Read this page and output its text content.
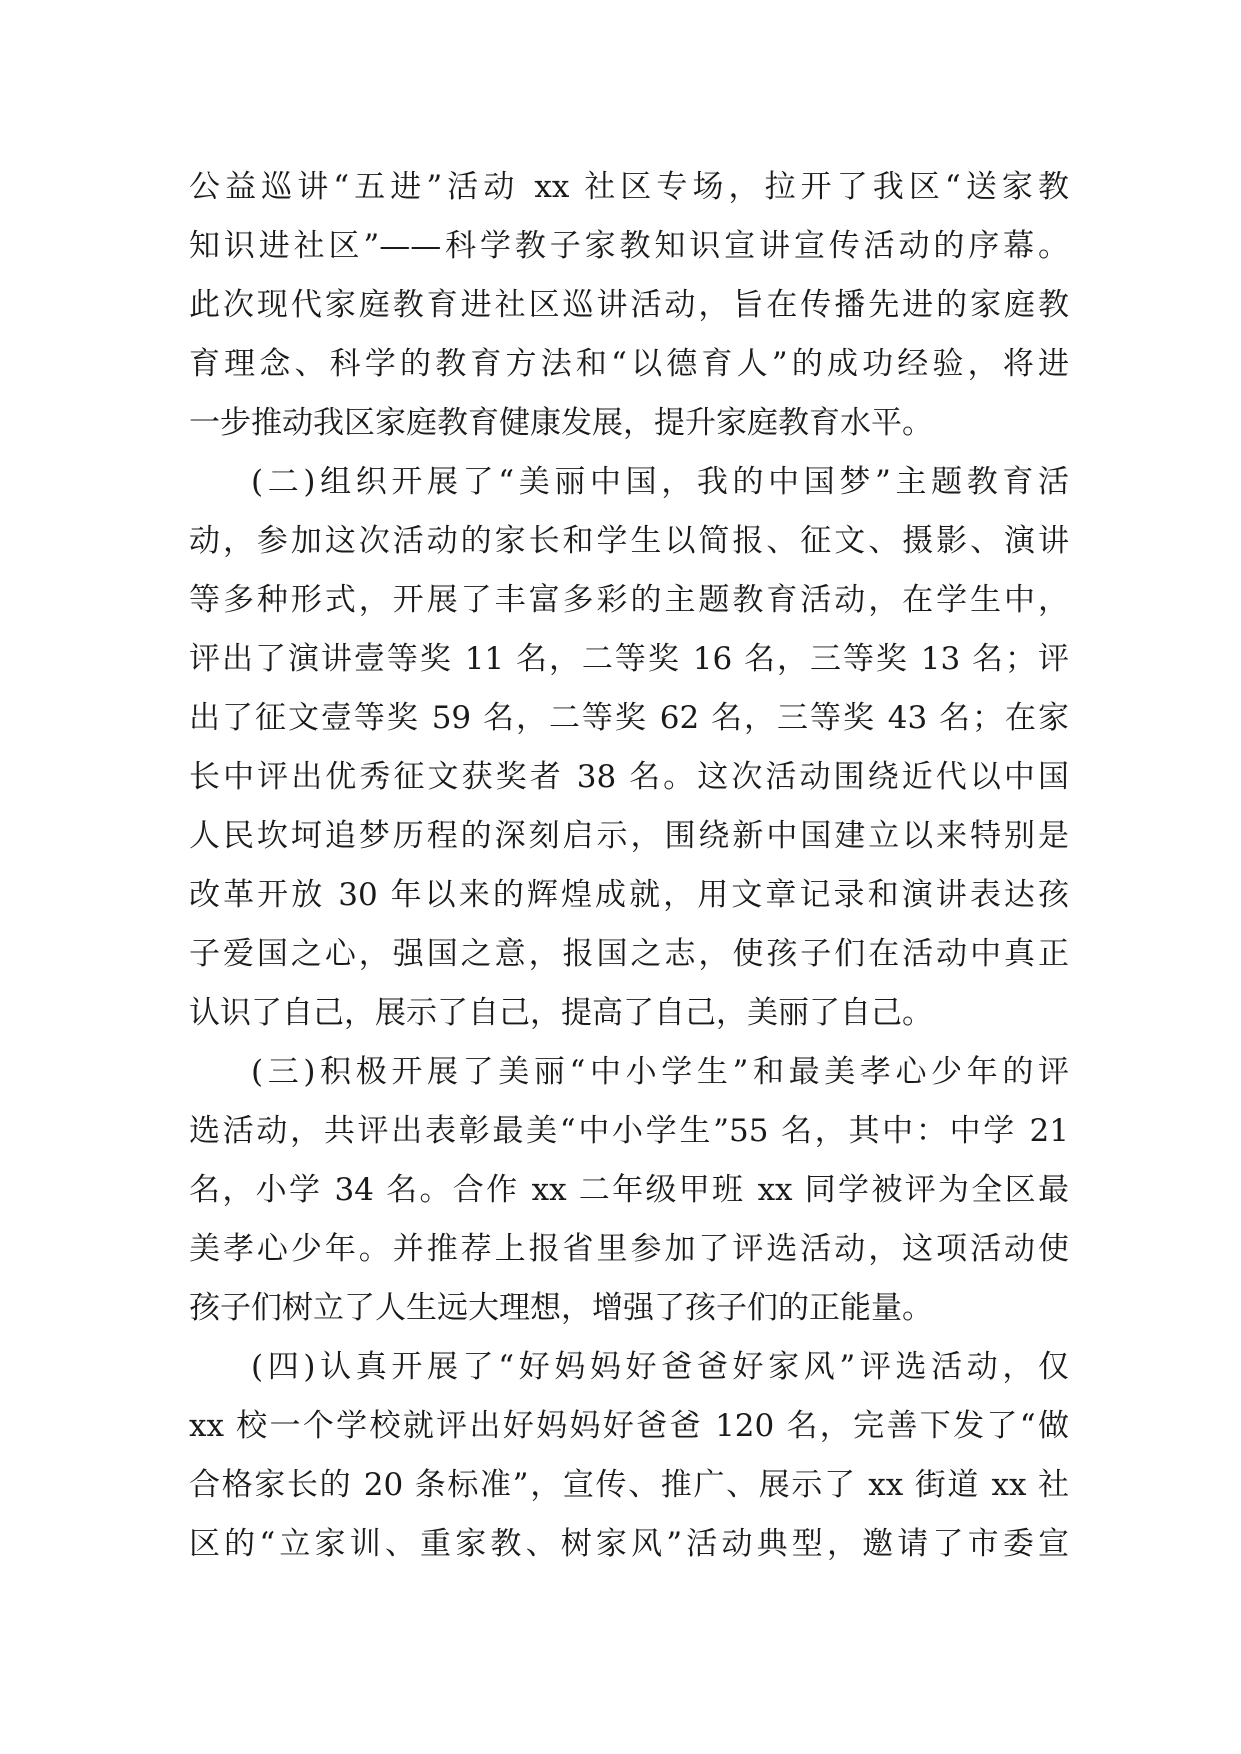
公益巡讲“五进”活动 xx 社区专场，拉开了我区“送家教
知识进社区”——科学教子家教知识宣讲宣传活动的序幕。
此次现代家庭教育进社区巡讲活动，旨在传播先进的家庭教
育理念、科学的教育方法和“以德育人”的成功经验，将进
一步推动我区家庭教育健康发展，提升家庭教育水平。
(二)组织开展了“美丽中国，我的中国梦”主题教育活
动，参加这次活动的家长和学生以简报、征文、摄影、演讲
等多种形式，开展了丰富多彩的主题教育活动，在学生中，
评出了演讲壹等奖 11 名，二等奖 16 名，三等奖 13 名；评
出了征文壹等奖 59 名，二等奖 62 名，三等奖 43 名；在家
长中评出优秀征文获奖者 38 名。这次活动围绕近代以中国
人民坎坷追梦历程的深刻启示，围绕新中国建立以来特别是
改革开放 30 年以来的辉煌成就，用文章记录和演讲表达孩
子爱国之心，强国之意，报国之志，使孩子们在活动中真正
认识了自己，展示了自己，提高了自己，美丽了自己。
(三)积极开展了美丽“中小学生”和最美孝心少年的评
选活动，共评出表彰最美“中小学生”55 名，其中：中学 21
名，小学 34 名。合作 xx 二年级甲班 xx 同学被评为全区最
美孝心少年。并推荐上报省里参加了评选活动，这项活动使
孩子们树立了人生远大理想，增强了孩子们的正能量。
(四)认真开展了“好妈妈好爸爸好家风”评选活动，仅
xx 校一个学校就评出好妈妈好爸爸 120 名，完善下发了“做
合格家长的 20 条标准”，宣传、推广、展示了 xx 街道 xx 社
区的“立家训、重家教、树家风”活动典型，邀请了市委宣
